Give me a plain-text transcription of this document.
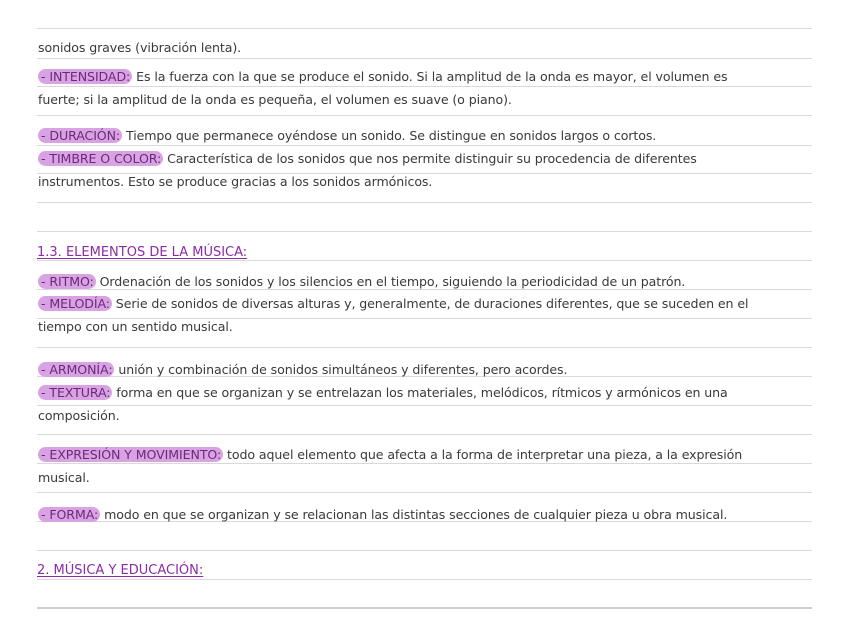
sonidos graves (vibración lenta).
- INTENSIDAD: Es la fuerza con la que se produce el sonido. Si la amplitud de la onda es mayor, el volumen es
fuerte; si la amplitud de la onda es pequeña, el volumen es suave (o piano).
- DURACIÓN: Tiempo que permanece oyéndose un sonido. Se distingue en sonidos largos o cortos.
- TIMBRE O COLOR: Característica de los sonidos que nos permite distinguir su procedencia de diferentes
instrumentos. Esto se produce gracias a los sonidos armónicos.
1.3. ELEMENTOS DE LA MÚSICA:
- RITMO: Ordenación de los sonidos y los silencios en el tiempo, siguiendo la periodicidad de un patrón.
- MELODÍA: Serie de sonidos de diversas alturas y, generalmente, de duraciones diferentes, que se suceden en el
tiempo con un sentido musical.
- ARMONÍA: unión y combinación de sonidos simultáneos y diferentes, pero acordes.
- TEXTURA: forma en que se organizan y se entrelazan los materiales, melódicos, rítmicos y armónicos en una
composición.
- EXPRESIÓN Y MOVIMIENTO: todo aquel elemento que afecta a la forma de interpretar una pieza, a la expresión
musical.
- FORMA: modo en que se organizan y se relacionan las distintas secciones de cualquier pieza u obra musical.
2. MÚSICA Y EDUCACIÓN:
